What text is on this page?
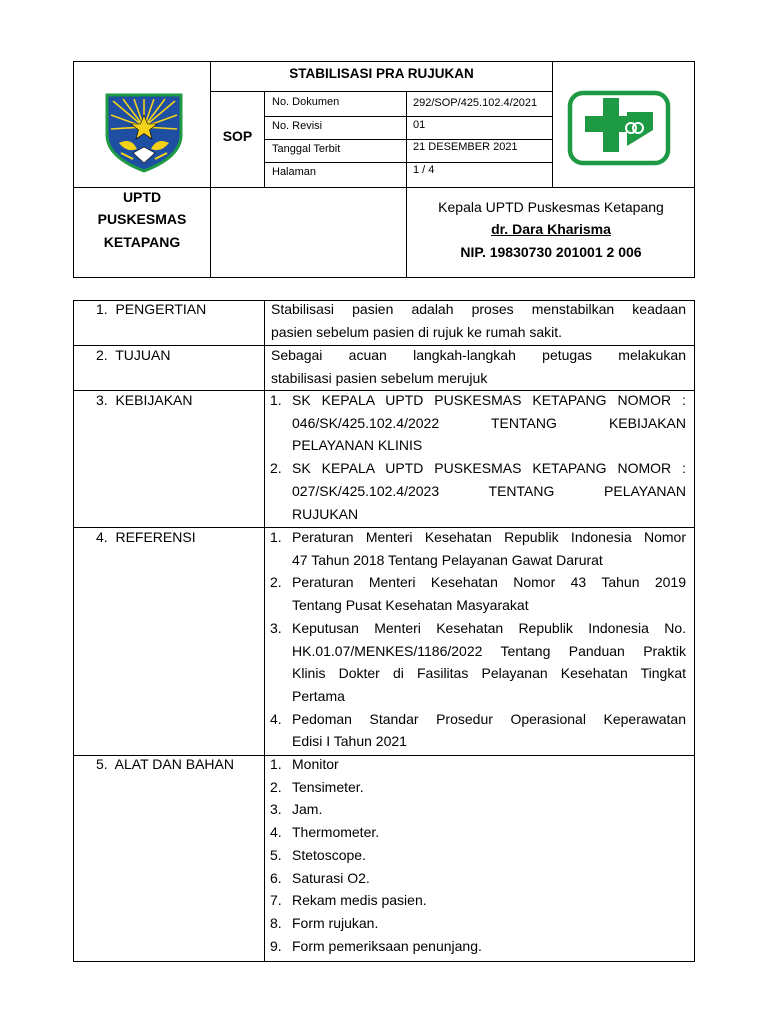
UPTD
PUSKESMAS
KETAPANG
STABILISASI PRA RUJUKAN
SOP
No. Dokumen	292/SOP/425.102.4/2021
No. Revisi	01
Tanggal Terbit	21 DESEMBER 2021
Halaman	1 / 4
Kepala UPTD Puskesmas Ketapang
dr. Dara Kharisma
NIP. 19830730 201001 2 006
1.  PENGERTIAN	Stabilisasi pasien adalah proses menstabilkan keadaan
pasien sebelum pasien di rujuk ke rumah sakit.
2.  TUJUAN	Sebagai acuan langkah-langkah petugas melakukan
stabilisasi pasien sebelum merujuk
3.  KEBIJAKAN	1. SK KEPALA UPTD PUSKESMAS KETAPANG NOMOR :
046/SK/425.102.4/2022 TENTANG KEBIJAKAN
PELAYANAN KLINIS
2. SK KEPALA UPTD PUSKESMAS KETAPANG NOMOR :
027/SK/425.102.4/2023 TENTANG PELAYANAN
RUJUKAN
4.  REFERENSI	1. Peraturan Menteri Kesehatan Republik Indonesia Nomor
47 Tahun 2018 Tentang Pelayanan Gawat Darurat
2. Peraturan Menteri Kesehatan Nomor 43 Tahun 2019
Tentang Pusat Kesehatan Masyarakat
3. Keputusan Menteri Kesehatan Republik Indonesia No.
HK.01.07/MENKES/1186/2022 Tentang Panduan Praktik
Klinis Dokter di Fasilitas Pelayanan Kesehatan Tingkat
Pertama
4. Pedoman Standar Prosedur Operasional Keperawatan
Edisi I Tahun 2021
5.  ALAT DAN BAHAN	1. Monitor
2. Tensimeter.
3. Jam.
4. Thermometer.
5. Stetoscope.
6. Saturasi O2.
7. Rekam medis pasien.
8. Form rujukan.
9. Form pemeriksaan penunjang.
